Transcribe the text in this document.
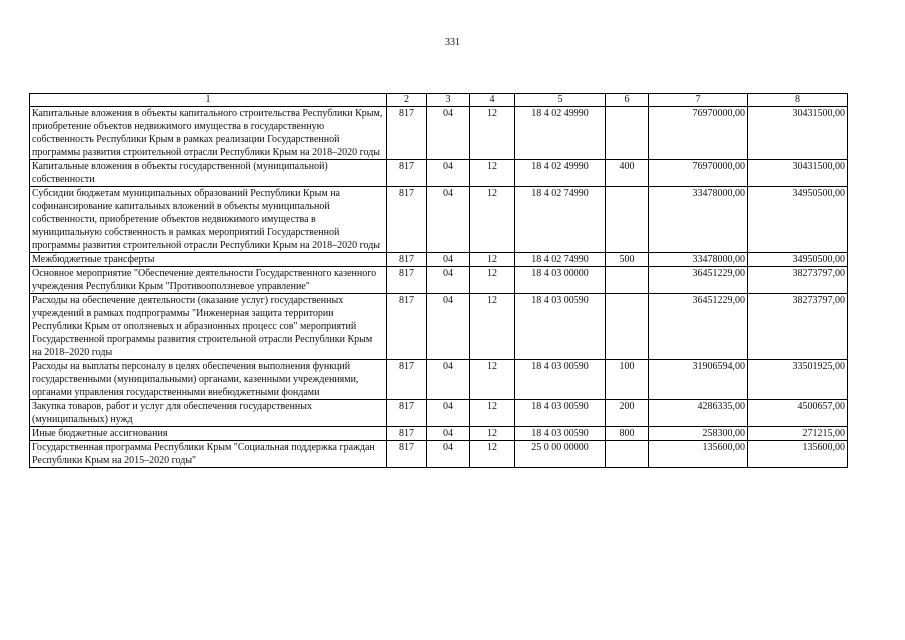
331
1	2	3	4	5	6	7	8
Капитальные вложения в объекты капитального строительства Республики Крым, приобретение объектов недвижимого имущества в государственную собственность Республики Крым в рамках реализации Государственной программы развития строительной отрасли Республики Крым на 2018–2020 годы	817	04	12	18 4 02 49990		76970000,00	30431500,00
Капитальные вложения в объекты государственной (муниципальной) собственности	817	04	12	18 4 02 49990	400	76970000,00	30431500,00
Субсидии бюджетам муниципальных образований Республики Крым на софинансирование капитальных вложений в объекты муниципальной собственности, приобретение объектов недвижимого имущества в муниципальную собственность в рамках мероприятий Государственной программы развития строительной отрасли Республики Крым на 2018–2020 годы	817	04	12	18 4 02 74990		33478000,00	34950500,00
Межбюджетные трансферты	817	04	12	18 4 02 74990	500	33478000,00	34950500,00
Основное мероприятие "Обеспечение деятельности Государственного казенного учреждения Республики Крым "Противооползневое управление"	817	04	12	18 4 03 00000		36451229,00	38273797,00
Расходы на обеспечение деятельности (оказание услуг) государственных учреждений в рамках подпрограммы "Инженерная защита территории Республики Крым от оползневых и абразионных процесс сов" мероприятий Государственной программы развития строительной отрасли Республики Крым на 2018–2020 годы	817	04	12	18 4 03 00590		36451229,00	38273797,00
Расходы на выплаты персоналу в целях обеспечения выполнения функций государственными (муниципальными) органами, казенными учреждениями, органами управления государственными внебюджетными фондами	817	04	12	18 4 03 00590	100	31906594,00	33501925,00
Закупка товаров, работ и услуг для обеспечения государственных (муниципальных) нужд	817	04	12	18 4 03 00590	200	4286335,00	4500657,00
Иные бюджетные ассигнования	817	04	12	18 4 03 00590	800	258300,00	271215,00
Государственная программа Республики Крым "Социальная поддержка граждан Республики Крым на 2015–2020 годы"	817	04	12	25 0 00 00000		135600,00	135600,00
